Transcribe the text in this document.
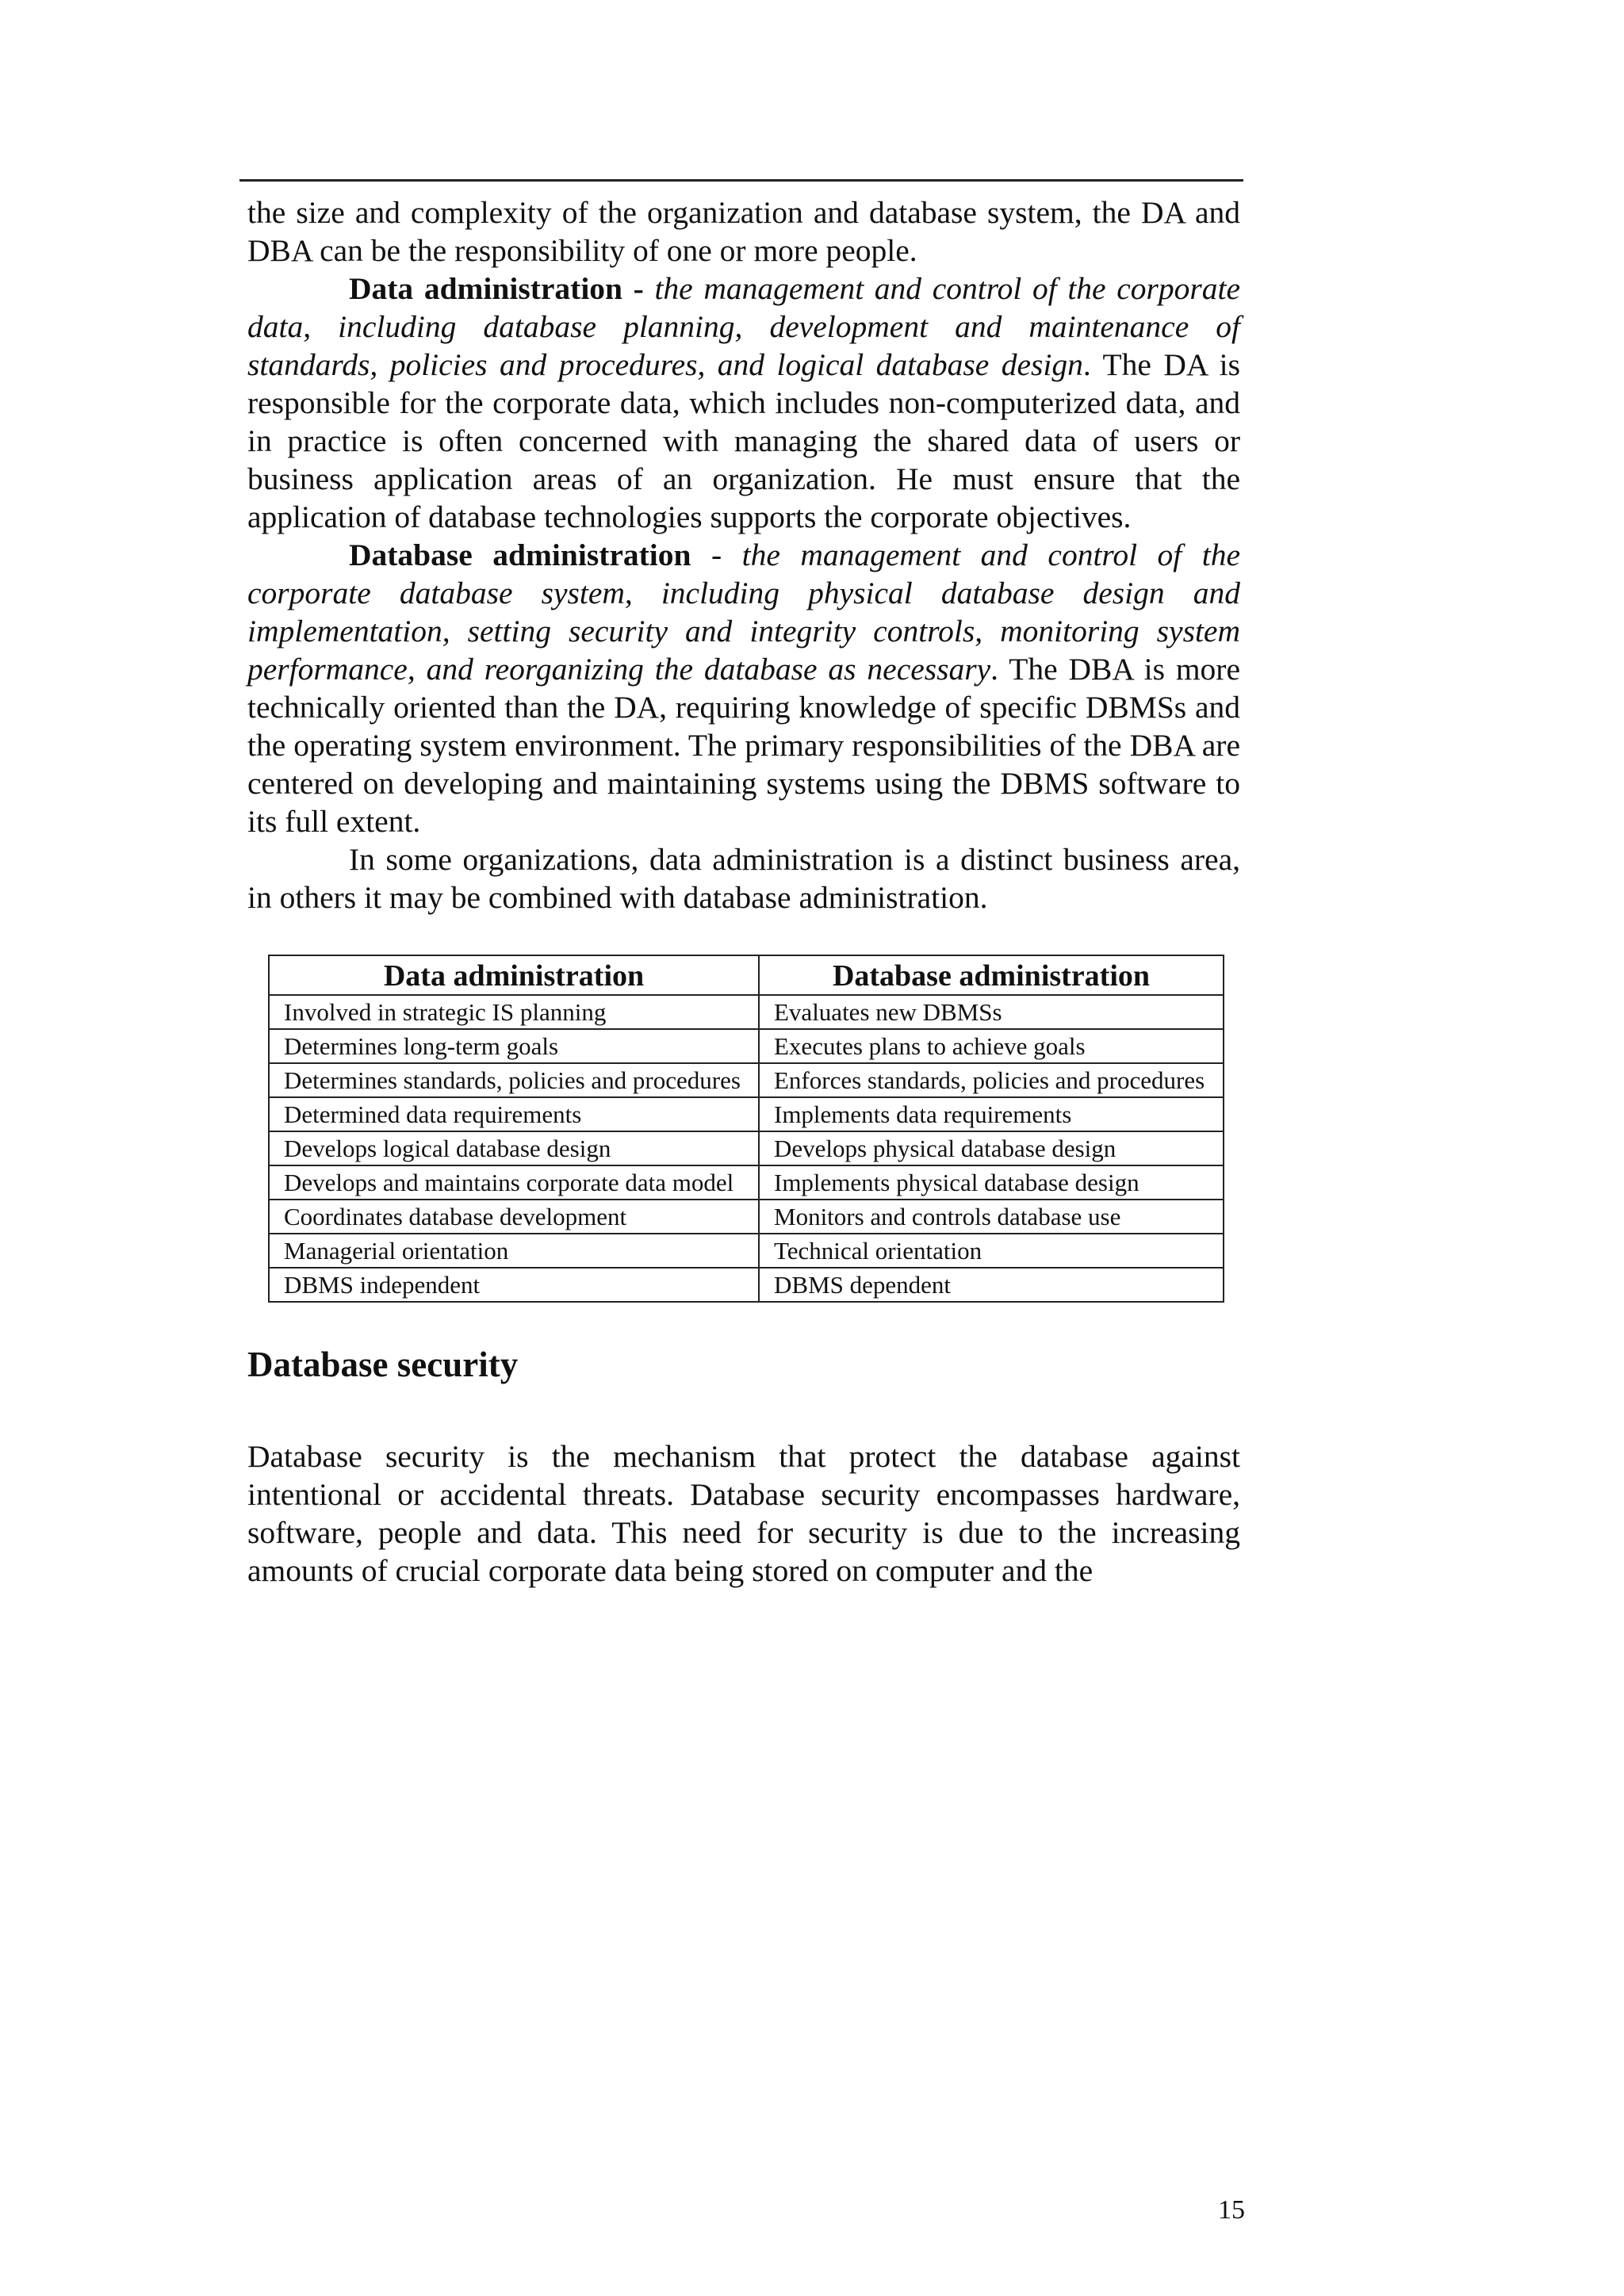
the size and complexity of the organization and database system, the DA and DBA can be the responsibility of one or more people.

Data administration - the management and control of the corporate data, including database planning, development and maintenance of standards, policies and procedures, and logical database design. The DA is responsible for the corporate data, which includes non-computerized data, and in practice is often concerned with managing the shared data of users or business application areas of an organization. He must ensure that the application of database technologies supports the corporate objectives.

Database administration - the management and control of the corporate database system, including physical database design and implementation, setting security and integrity controls, monitoring system performance, and reorganizing the database as necessary. The DBA is more technically oriented than the DA, requiring knowledge of specific DBMSs and the operating system environment. The primary responsibilities of the DBA are centered on developing and maintaining systems using the DBMS software to its full extent.

In some organizations, data administration is a distinct business area, in others it may be combined with database administration.

Data administration	Database administration
Involved in strategic IS planning	Evaluates new DBMSs
Determines long-term goals	Executes plans to achieve goals
Determines standards, policies and procedures	Enforces standards, policies and procedures
Determined data requirements	Implements data requirements
Develops logical database design	Develops physical database design
Develops and maintains corporate data model	Implements physical database design
Coordinates database development	Monitors and controls database use
Managerial orientation	Technical orientation
DBMS independent	DBMS dependent
Database security

Database security is the mechanism that protect the database against intentional or accidental threats. Database security encompasses hardware, software, people and data. This need for security is due to the increasing amounts of crucial corporate data being stored on computer and the

15
